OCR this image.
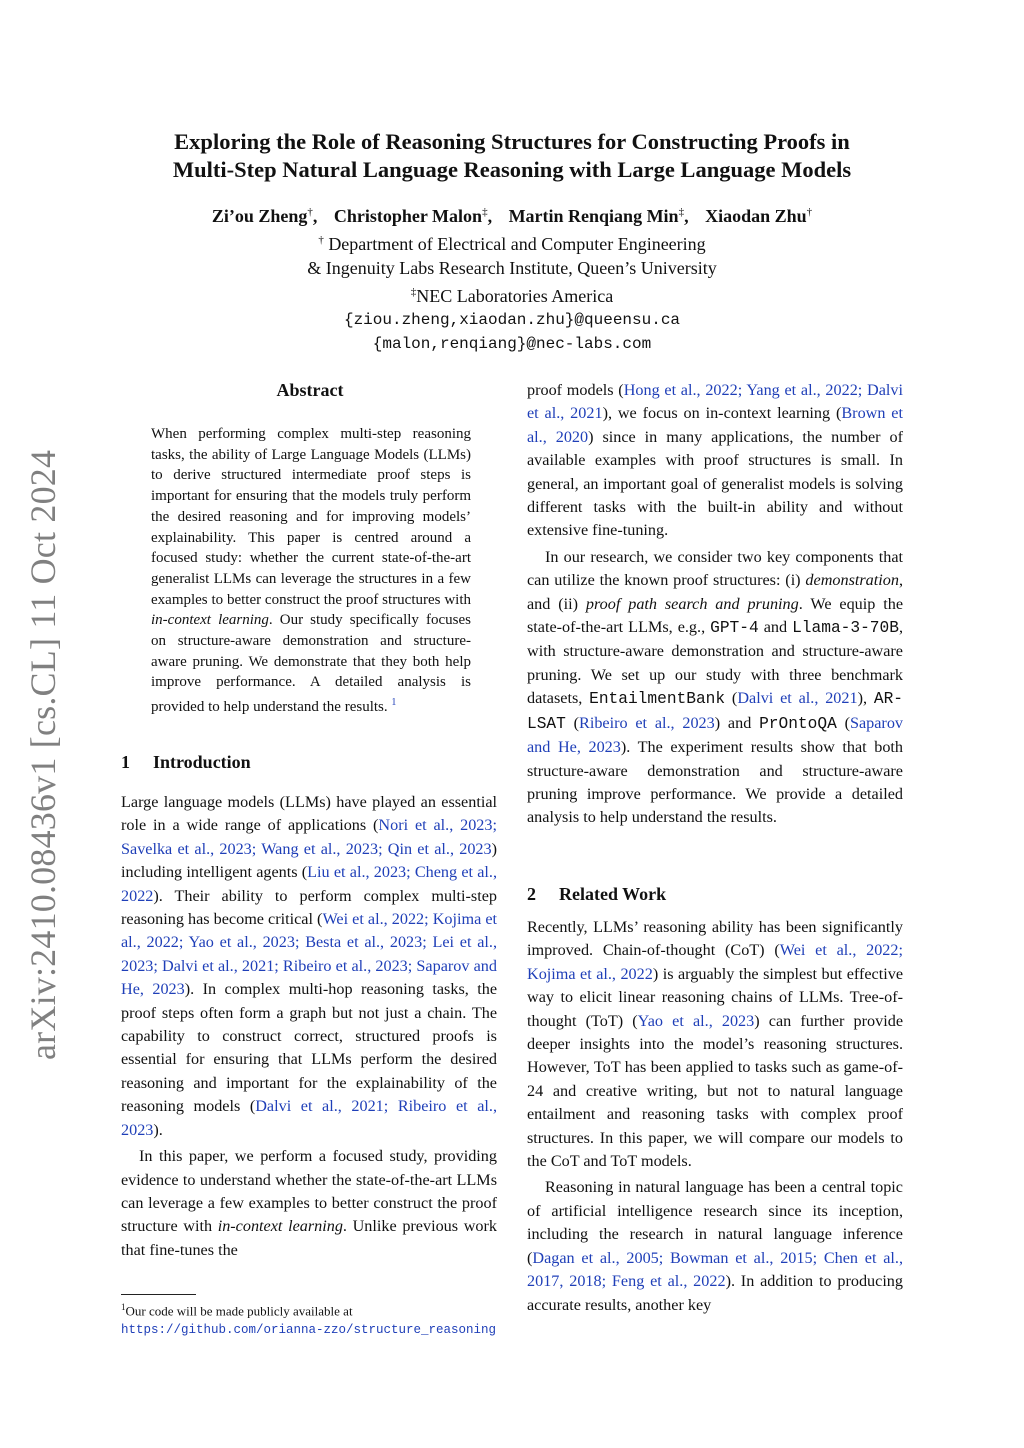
arXiv:2410.08436v1 [cs.CL] 11 Oct 2024
Exploring the Role of Reasoning Structures for Constructing Proofs in
Multi-Step Natural Language Reasoning with Large Language Models
Zi’ou Zheng†, Christopher Malon‡, Martin Renqiang Min‡, Xiaodan Zhu†
† Department of Electrical and Computer Engineering
& Ingenuity Labs Research Institute, Queen’s University
‡NEC Laboratories America
{ziou.zheng,xiaodan.zhu}@queensu.ca
{malon,renqiang}@nec-labs.com
Abstract
When performing complex multi-step reasoning tasks, the ability of Large Language Models (LLMs) to derive structured intermediate proof steps is important for ensuring that the models truly perform the desired reasoning and for improving models’ explainability. This paper is centred around a focused study: whether the current state-of-the-art generalist LLMs can leverage the structures in a few examples to better construct the proof structures with in-context learning. Our study specifically focuses on structure-aware demonstration and structure-aware pruning. We demonstrate that they both help improve performance. A detailed analysis is provided to help understand the results. $^1$
1 Introduction

Large language models (LLMs) have played an essential role in a wide range of applications (Nori et al., 2023; Savelka et al., 2023; Wang et al., 2023; Qin et al., 2023) including intelligent agents (Liu et al., 2023; Cheng et al., 2022). Their ability to perform complex multi-step reasoning has become critical (Wei et al., 2022; Kojima et al., 2022; Yao et al., 2023; Besta et al., 2023; Lei et al., 2023; Dalvi et al., 2021; Ribeiro et al., 2023; Saparov and He, 2023). In complex multi-hop reasoning tasks, the proof steps often form a graph but not just a chain. The capability to construct correct, structured proofs is essential for ensuring that LLMs perform the desired reasoning and important for the explainability of the reasoning models (Dalvi et al., 2021; Ribeiro et al., 2023).

In this paper, we perform a focused study, providing evidence to understand whether the state-of-the-art LLMs can leverage a few examples to better construct the proof structure with in-context learning. Unlike previous work that fine-tunes the

$^1$Our code will be made publicly available at https://github.com/orianna-zzo/structure_reasoning

proof models (Hong et al., 2022; Yang et al., 2022; Dalvi et al., 2021), we focus on in-context learning (Brown et al., 2020) since in many applications, the number of available examples with proof structures is small. In general, an important goal of generalist models is solving different tasks with the built-in ability and without extensive fine-tuning.

In our research, we consider two key components that can utilize the known proof structures: (i) demonstration, and (ii) proof path search and pruning. We equip the state-of-the-art LLMs, e.g., GPT-4 and Llama-3-70B, with structure-aware demonstration and structure-aware pruning. We set up our study with three benchmark datasets, EntailmentBank (Dalvi et al., 2021), AR-LSAT (Ribeiro et al., 2023) and PrOntoQA (Saparov and He, 2023). The experiment results show that both structure-aware demonstration and structure-aware pruning improve performance. We provide a detailed analysis to help understand the results.

2 Related Work

Recently, LLMs’ reasoning ability has been significantly improved. Chain-of-thought (CoT) (Wei et al., 2022; Kojima et al., 2022) is arguably the simplest but effective way to elicit linear reasoning chains of LLMs. Tree-of-thought (ToT) (Yao et al., 2023) can further provide deeper insights into the model’s reasoning structures. However, ToT has been applied to tasks such as game-of-24 and creative writing, but not to natural language entailment and reasoning tasks with complex proof structures. In this paper, we will compare our models to the CoT and ToT models.

Reasoning in natural language has been a central topic of artificial intelligence research since its inception, including the research in natural language inference (Dagan et al., 2005; Bowman et al., 2015; Chen et al., 2017, 2018; Feng et al., 2022). In addition to producing accurate results, another key
